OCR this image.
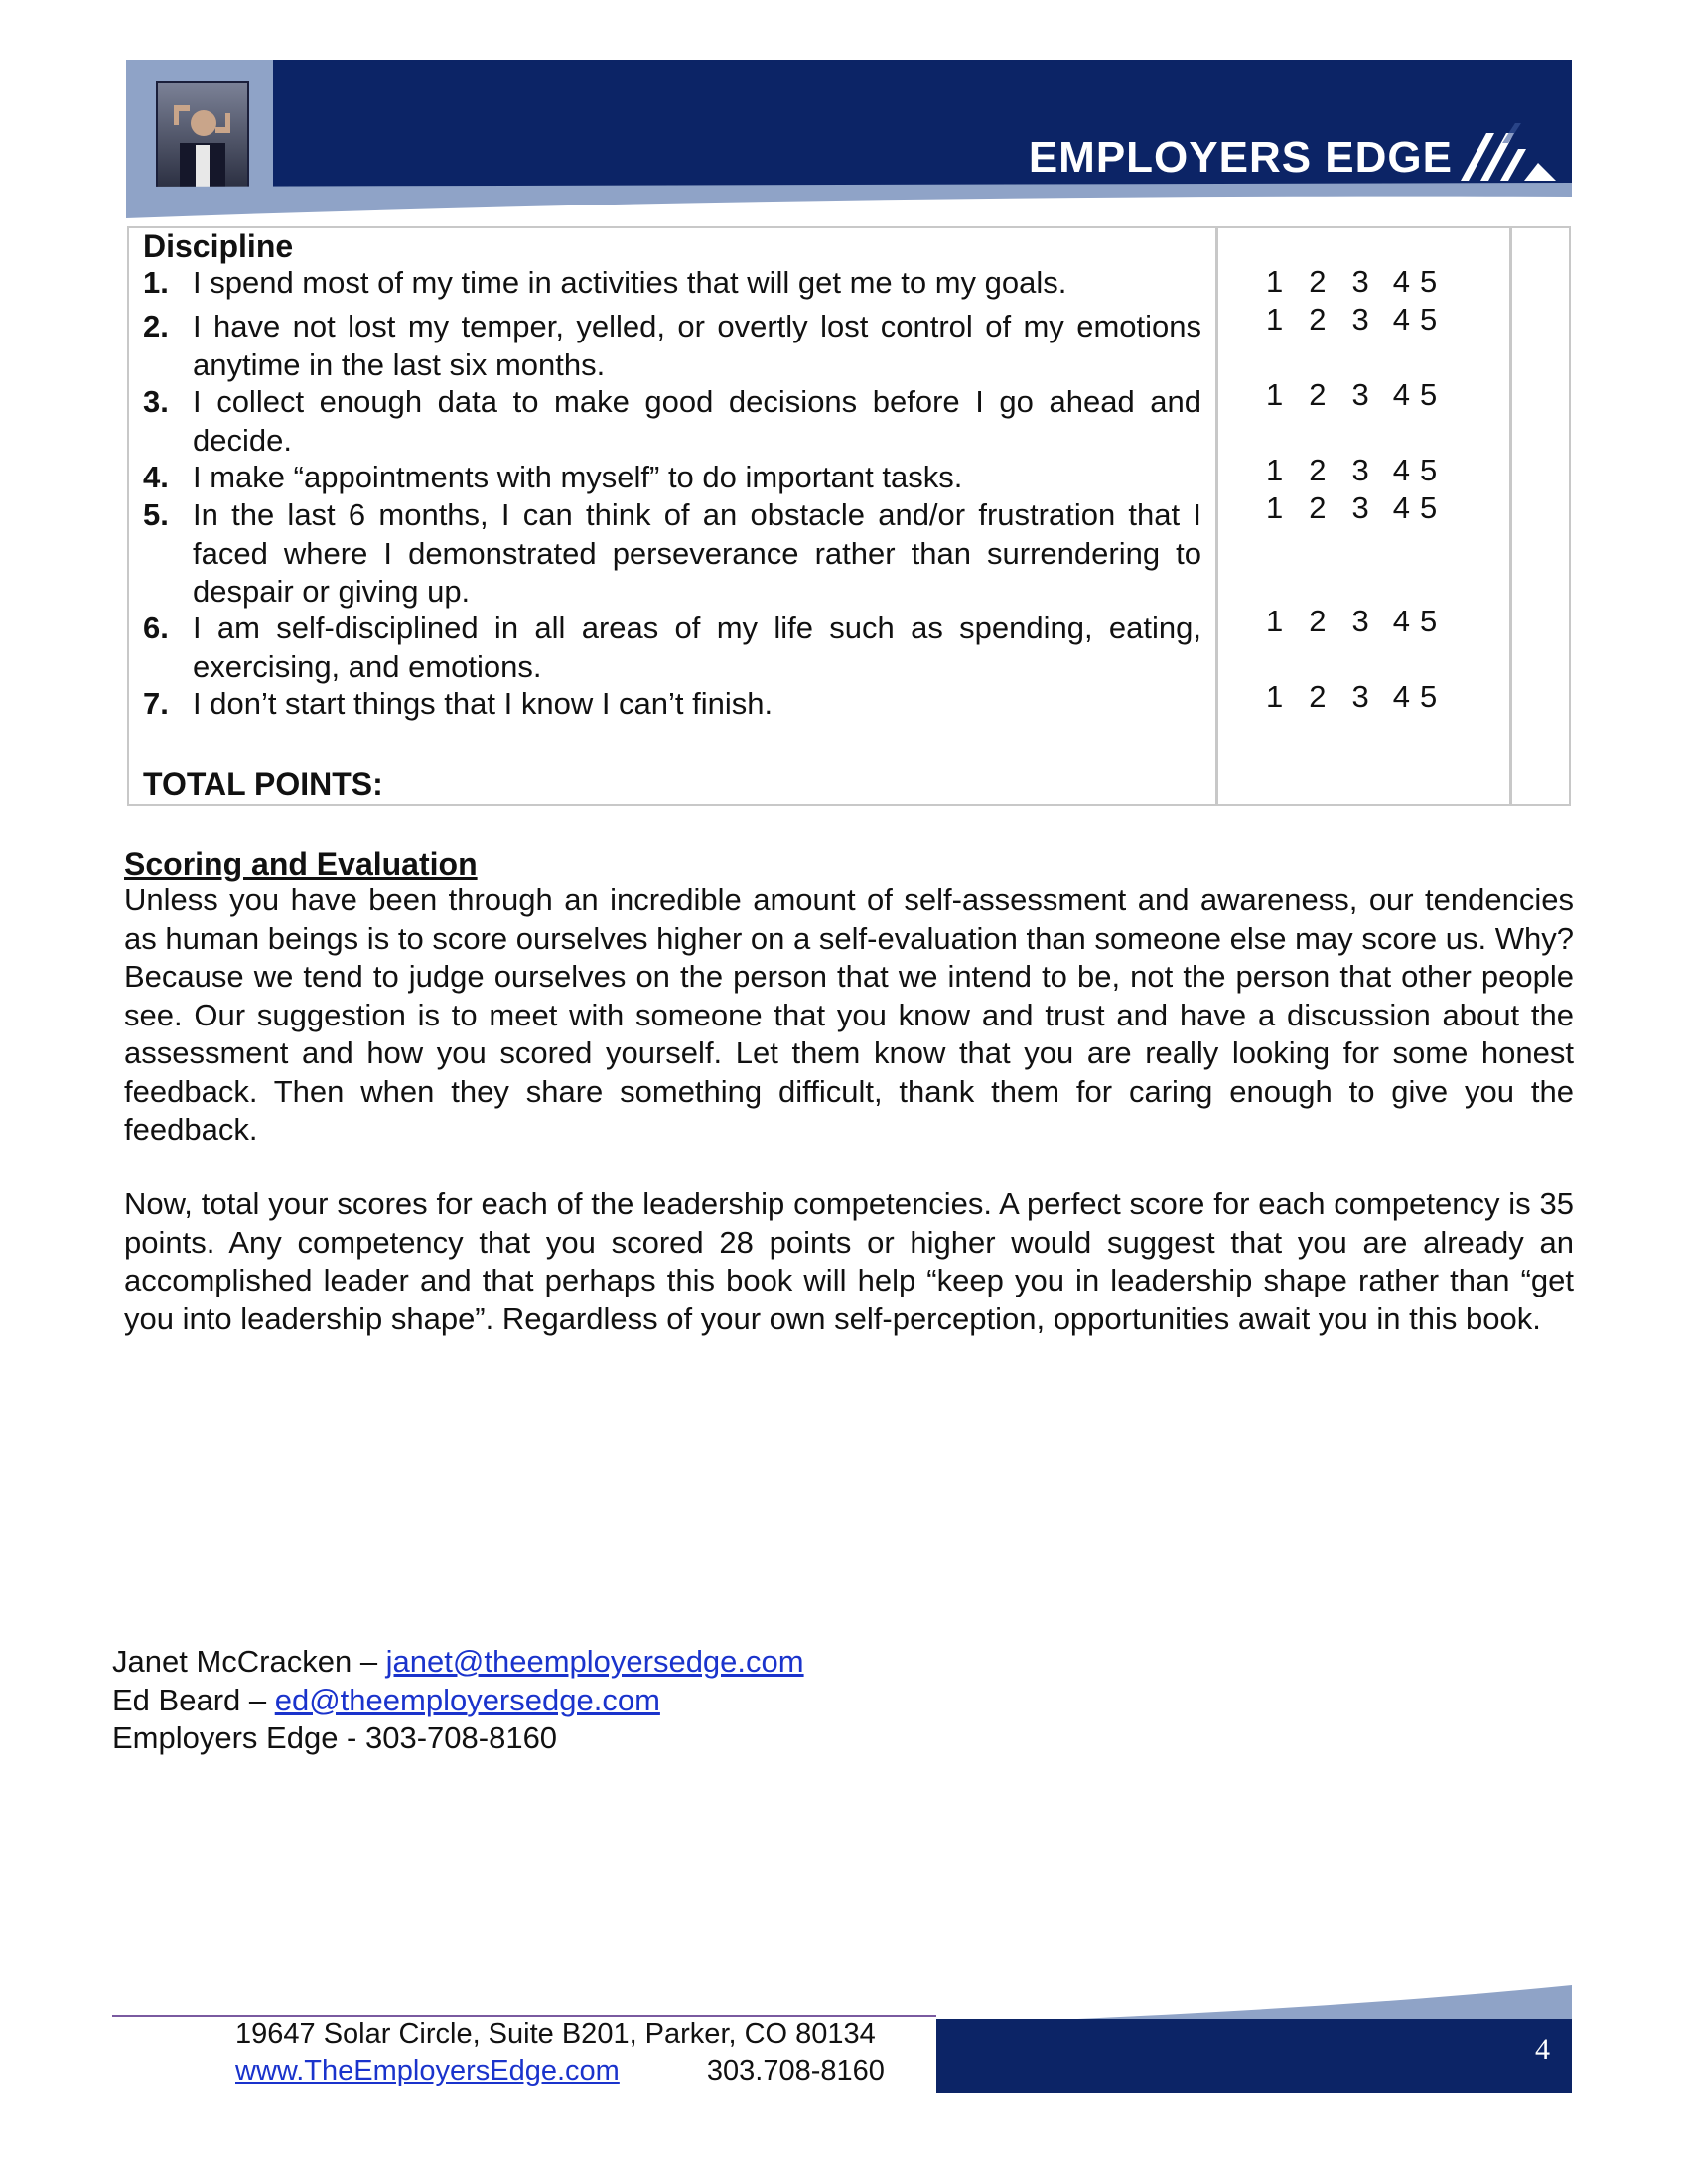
EMPLOYERS EDGE
Discipline
1. I spend most of my time in activities that will get me to my goals.
2. I have not lost my temper, yelled, or overtly lost control of my emotions anytime in the last six months.
3. I collect enough data to make good decisions before I go ahead and decide.
4. I make “appointments with myself” to do important tasks.
5. In the last 6 months, I can think of an obstacle and/or frustration that I faced where I demonstrated perseverance rather than surrendering to despair or giving up.
6. I am self-disciplined in all areas of my life such as spending, eating, exercising, and emotions.
7. I don’t start things that I know I can’t finish.
TOTAL POINTS:
1 2 3 4 5
1 2 3 4 5
1 2 3 4 5
1 2 3 4 5
1 2 3 4 5
1 2 3 4 5
1 2 3 4 5
Scoring and Evaluation
Unless you have been through an incredible amount of self-assessment and awareness, our tendencies as human beings is to score ourselves higher on a self-evaluation than someone else may score us. Why? Because we tend to judge ourselves on the person that we intend to be, not the person that other people see. Our suggestion is to meet with someone that you know and trust and have a discussion about the assessment and how you scored yourself. Let them know that you are really looking for some honest feedback. Then when they share something difficult, thank them for caring enough to give you the feedback.
Now, total your scores for each of the leadership competencies. A perfect score for each competency is 35 points. Any competency that you scored 28 points or higher would suggest that you are already an accomplished leader and that perhaps this book will help “keep you in leadership shape rather than “get you into leadership shape”. Regardless of your own self-perception, opportunities await you in this book.
Janet McCracken – janet@theemployersedge.com
Ed Beard – ed@theemployersedge.com
Employers Edge - 303-708-8160
4
19647 Solar Circle, Suite B201, Parker, CO 80134
www.TheEmployersEdge.com	303.708-8160
